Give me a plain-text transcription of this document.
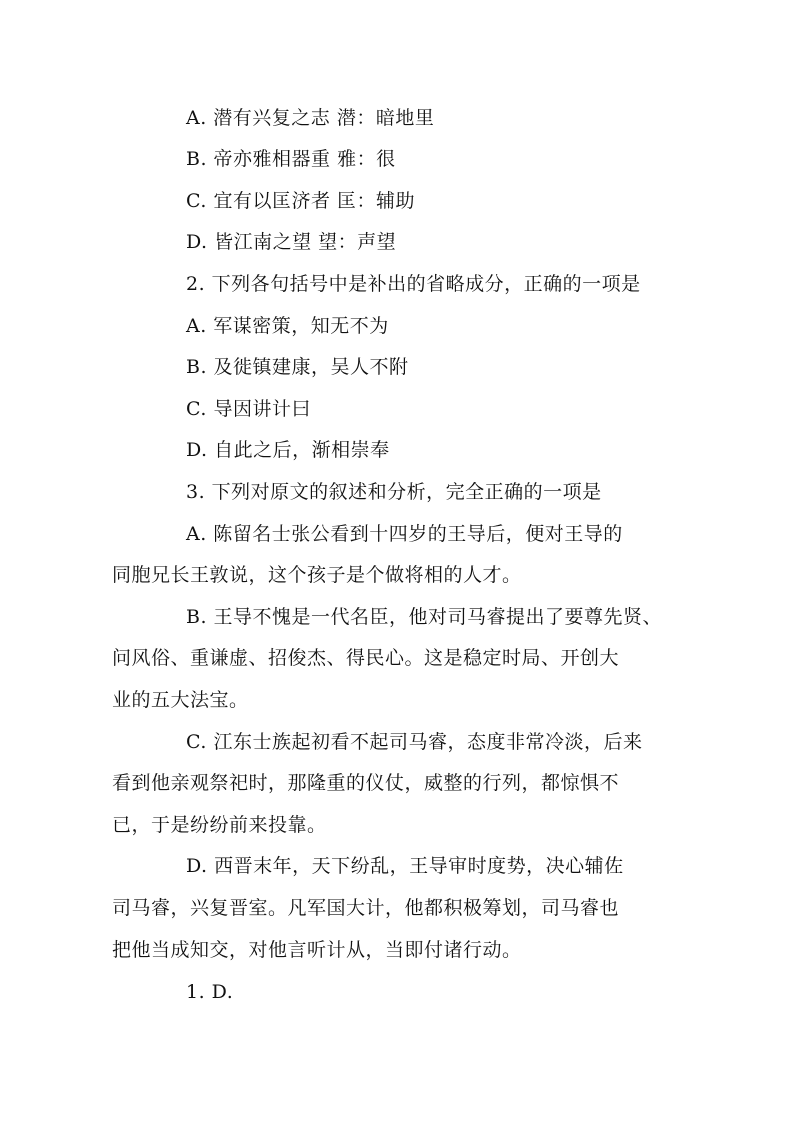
A. 潜有兴复之志 潜：暗地里
B. 帝亦雅相器重 雅：很
C. 宜有以匡济者 匡：辅助
D. 皆江南之望 望：声望
2. 下列各句括号中是补出的省略成分，正确的一项是
A. 军谋密策，知无不为
B. 及徙镇建康，吴人不附
C. 导因讲计曰
D. 自此之后，渐相崇奉
3. 下列对原文的叙述和分析，完全正确的一项是
A. 陈留名士张公看到十四岁的王导后，便对王导的
同胞兄长王敦说，这个孩子是个做将相的人才。
B. 王导不愧是一代名臣，他对司马睿提出了要尊先贤、
问风俗、重谦虚、招俊杰、得民心。这是稳定时局、开创大
业的五大法宝。
C. 江东士族起初看不起司马睿，态度非常冷淡，后来
看到他亲观祭祀时，那隆重的仪仗，威整的行列，都惊惧不
已，于是纷纷前来投靠。
D. 西晋末年，天下纷乱，王导审时度势，决心辅佐
司马睿，兴复晋室。凡军国大计，他都积极筹划，司马睿也
把他当成知交，对他言听计从，当即付诸行动。
1. D.
